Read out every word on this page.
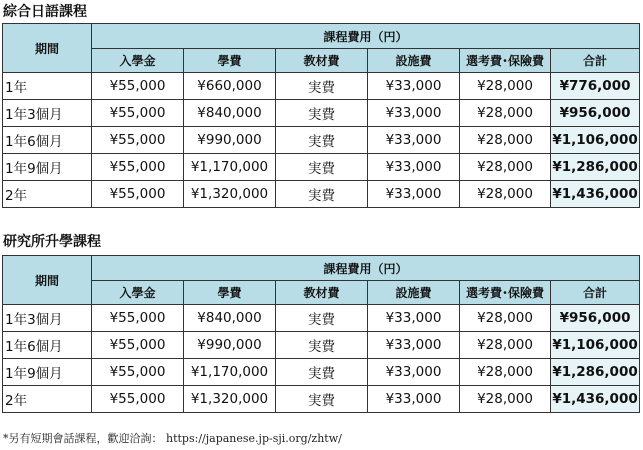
綜合日語課程
期間	課程費用（円）					
	入學金	學費	教材費	設施費	選考費･保險費	合計
1年	¥55,000	¥660,000	実費	¥33,000	¥28,000	¥776,000
1年3個月	¥55,000	¥840,000	実費	¥33,000	¥28,000	¥956,000
1年6個月	¥55,000	¥990,000	実費	¥33,000	¥28,000	¥1,106,000
1年9個月	¥55,000	¥1,170,000	実費	¥33,000	¥28,000	¥1,286,000
2年	¥55,000	¥1,320,000	実費	¥33,000	¥28,000	¥1,436,000
研究所升學課程
期間	課程費用（円）					
	入學金	學費	教材費	設施費	選考費･保險費	合計
1年3個月	¥55,000	¥840,000	実費	¥33,000	¥28,000	¥956,000
1年6個月	¥55,000	¥990,000	実費	¥33,000	¥28,000	¥1,106,000
1年9個月	¥55,000	¥1,170,000	実費	¥33,000	¥28,000	¥1,286,000
2年	¥55,000	¥1,320,000	実費	¥33,000	¥28,000	¥1,436,000
*另有短期會話課程，歡迎洽詢： https://japanese.jp-sji.org/zhtw/
